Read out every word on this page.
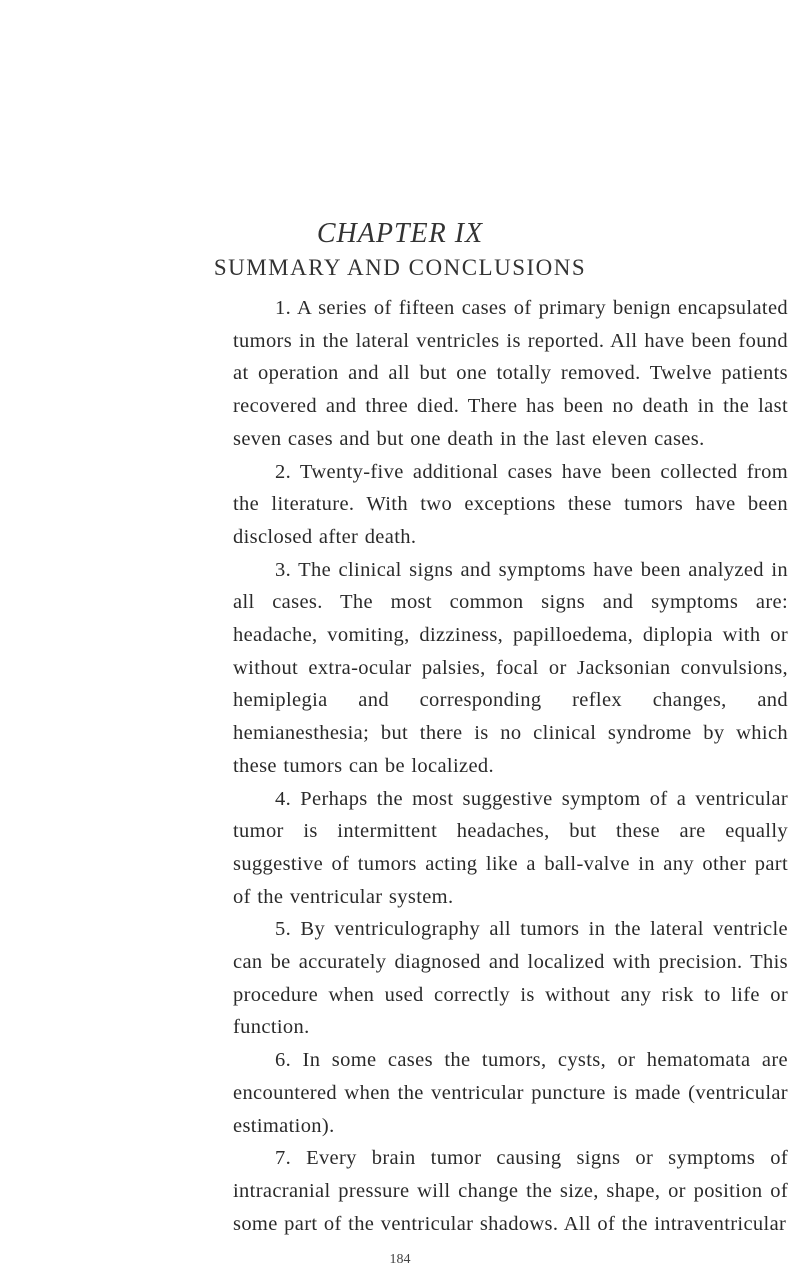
CHAPTER IX
SUMMARY AND CONCLUSIONS

1. A series of fifteen cases of primary benign encapsulated tumors in the lateral ventricles is reported. All have been found at operation and all but one totally removed. Twelve patients recovered and three died. There has been no death in the last seven cases and but one death in the last eleven cases.

2. Twenty-five additional cases have been collected from the literature. With two exceptions these tumors have been disclosed after death.

3. The clinical signs and symptoms have been analyzed in all cases. The most common signs and symptoms are: headache, vomiting, dizziness, papilloedema, diplopia with or without extra-ocular palsies, focal or Jacksonian convulsions, hemiplegia and corresponding reflex changes, and hemianesthesia; but there is no clinical syndrome by which these tumors can be localized.

4. Perhaps the most suggestive symptom of a ventricular tumor is intermittent headaches, but these are equally suggestive of tumors acting like a ball-valve in any other part of the ventricular system.

5. By ventriculography all tumors in the lateral ventricle can be accurately diagnosed and localized with precision. This procedure when used correctly is without any risk to life or function.

6. In some cases the tumors, cysts, or hematomata are encountered when the ventricular puncture is made (ventricular estimation).

7. Every brain tumor causing signs or symptoms of intracranial pressure will change the size, shape, or position of some part of the ventricular shadows. All of the intraventricular

184
